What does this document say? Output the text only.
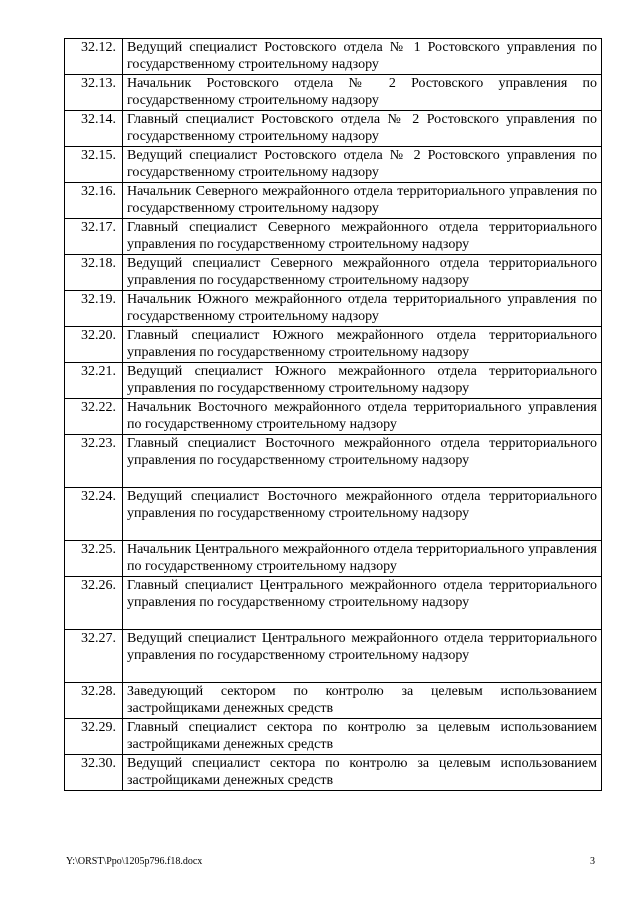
32.12.	Ведущий специалист Ростовского отдела № 1 Ростовского управления по государственному строительному надзору
32.13.	Начальник Ростовского отдела № 2 Ростовского управления по государственному строительному надзору
32.14.	Главный специалист Ростовского отдела № 2 Ростовского управления по государственному строительному надзору
32.15.	Ведущий специалист Ростовского отдела № 2 Ростовского управления по государственному строительному надзору
32.16.	Начальник Северного межрайонного отдела территориального управления по государственному строительному надзору
32.17.	Главный специалист Северного межрайонного отдела территориального управления по государственному строительному надзору
32.18.	Ведущий специалист Северного межрайонного отдела территориального управления по государственному строительному надзору
32.19.	Начальник Южного межрайонного отдела территориального управления по государственному строительному надзору
32.20.	Главный специалист Южного межрайонного отдела территориального управления по государственному строительному надзору
32.21.	Ведущий специалист Южного межрайонного отдела территориального управления по государственному строительному надзору
32.22.	Начальник Восточного межрайонного отдела территориального управления по государственному строительному надзору
32.23.	Главный специалист Восточного межрайонного отдела территориального управления по государственному строительному надзору
32.24.	Ведущий специалист Восточного межрайонного отдела территориального управления по государственному строительному надзору
32.25.	Начальник Центрального межрайонного отдела территориального управления по государственному строительному надзору
32.26.	Главный специалист Центрального межрайонного отдела территориального управления по государственному строительному надзору
32.27.	Ведущий специалист Центрального межрайонного отдела территориального управления по государственному строительному надзору
32.28.	Заведующий сектором по контролю за целевым использованием застройщиками денежных средств
32.29.	Главный специалист сектора по контролю за целевым использованием застройщиками денежных средств
32.30.	Ведущий специалист сектора по контролю за целевым использованием застройщиками денежных средств
Y:\ORST\Ppo\1205p796.f18.docx	3
